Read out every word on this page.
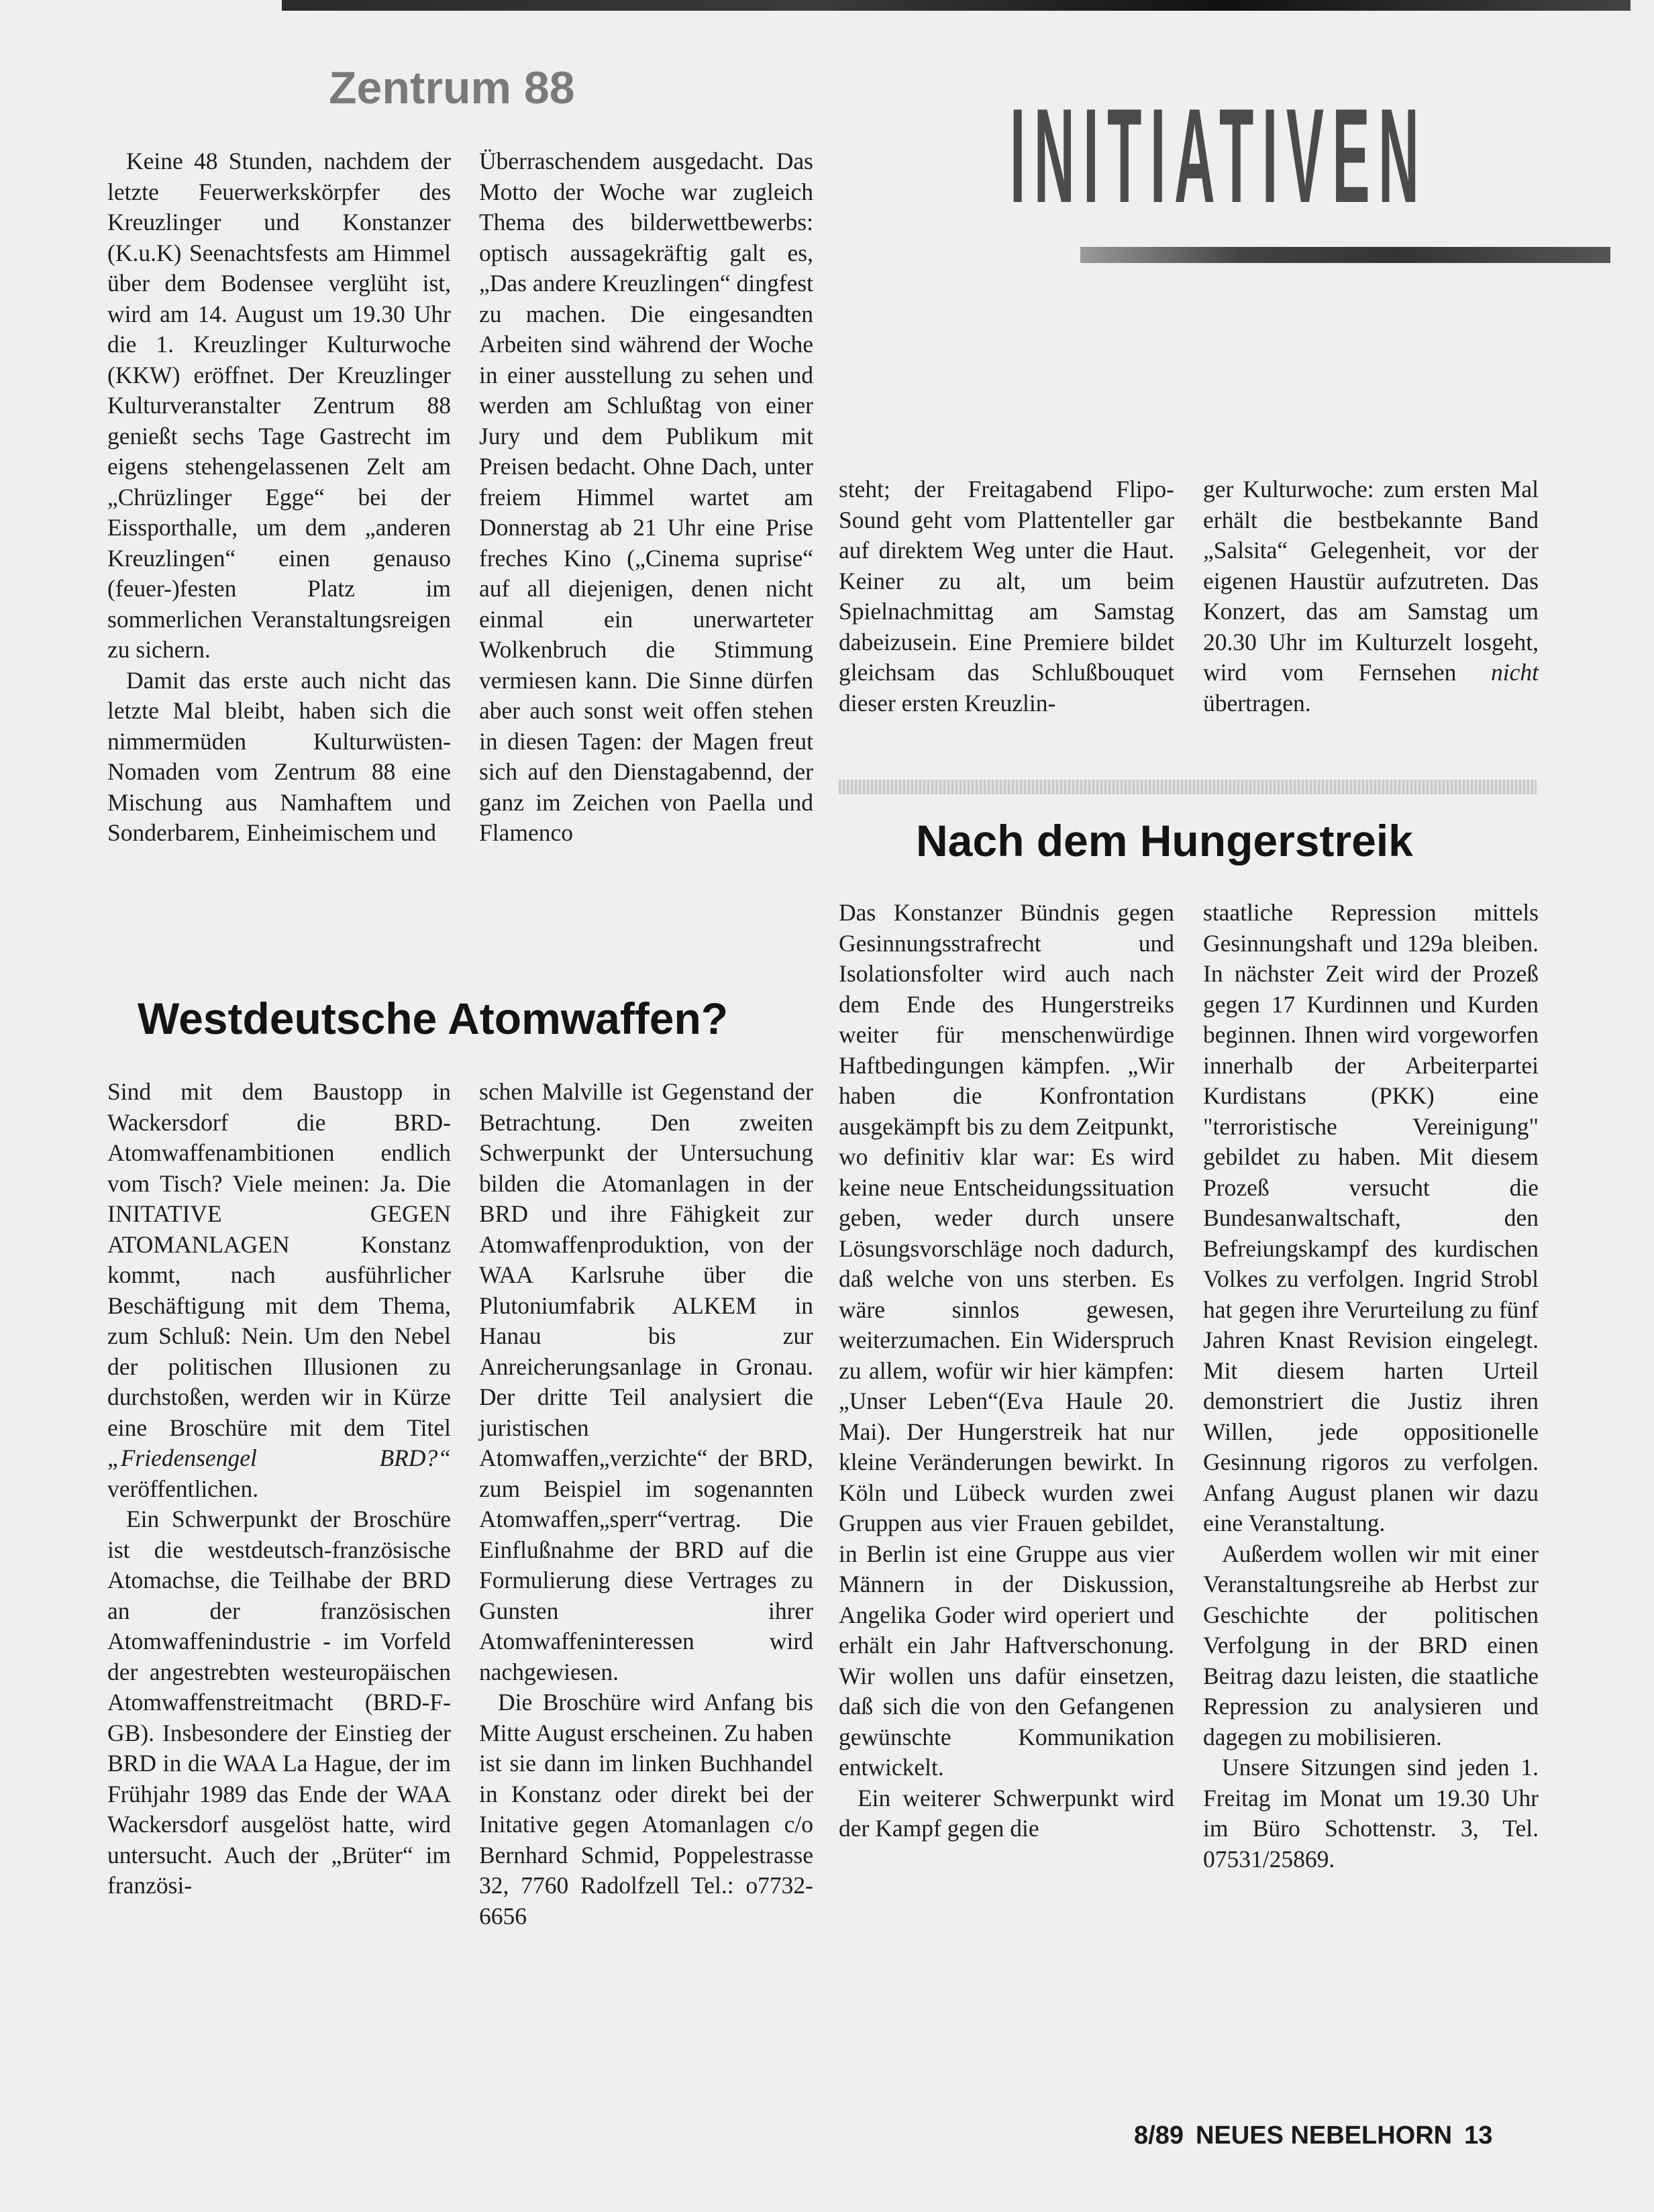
Zentrum 88	INITIATIVEN
Keine 48 Stunden, nachdem der letzte Feuerwerkskörpfer des Kreuzlinger und Konstanzer (K.u.K) Seenachtsfests am Himmel über dem Bodensee verglüht ist, wird am 14. August um 19.30 Uhr die 1. Kreuzlinger Kulturwoche (KKW) eröffnet. Der Kreuzlinger Kulturveranstalter Zentrum 88 genießt sechs Tage Gastrecht im eigens stehengelassenen Zelt am „Chrüzlinger Egge“ bei der Eissporthalle, um dem „anderen Kreuzlingen“ einen genauso (feuer-)festen Platz im sommerlichen Veranstaltungsreigen zu sichern.
Damit das erste auch nicht das letzte Mal bleibt, haben sich die nimmermüden Kulturwüsten-Nomaden vom Zentrum 88 eine Mischung aus Namhaftem und Sonderbarem, Einheimischem und
Überraschendem ausgedacht. Das Motto der Woche war zugleich Thema des bilderwettbewerbs: optisch aussagekräftig galt es, „Das andere Kreuzlingen“ dingfest zu machen. Die eingesandten Arbeiten sind während der Woche in einer ausstellung zu sehen und werden am Schlußtag von einer Jury und dem Publikum mit Preisen bedacht. Ohne Dach, unter freiem Himmel wartet am Donnerstag ab 21 Uhr eine Prise freches Kino („Cinema suprise“ auf all diejenigen, denen nicht einmal ein unerwarteter Wolkenbruch die Stimmung vermiesen kann. Die Sinne dürfen aber auch sonst weit offen stehen in diesen Tagen: der Magen freut sich auf den Dienstagabennd, der ganz im Zeichen von Paella und Flamenco
steht; der Freitagabend Flipo-Sound geht vom Plattenteller gar auf direktem Weg unter die Haut. Keiner zu alt, um beim Spielnachmittag am Samstag dabeizusein. Eine Premiere bildet gleichsam das Schlußbouquet dieser ersten Kreuzlin-
ger Kulturwoche: zum ersten Mal erhält die bestbekannte Band „Salsita“ Gelegenheit, vor der eigenen Haustür aufzutreten. Das Konzert, das am Samstag um 20.30 Uhr im Kulturzelt losgeht, wird vom Fernsehen nicht übertragen.
Nach dem Hungerstreik
Das Konstanzer Bündnis gegen Gesinnungsstrafrecht und Isolationsfolter wird auch nach dem Ende des Hungerstreiks weiter für menschenwürdige Haftbedingungen kämpfen. „Wir haben die Konfrontation ausgekämpft bis zu dem Zeitpunkt, wo definitiv klar war: Es wird keine neue Entscheidungssituation geben, weder durch unsere Lösungsvorschläge noch dadurch, daß welche von uns sterben. Es wäre sinnlos gewesen, weiterzumachen. Ein Widerspruch zu allem, wofür wir hier kämpfen: „Unser Leben“(Eva Haule 20. Mai). Der Hungerstreik hat nur kleine Veränderungen bewirkt. In Köln und Lübeck wurden zwei Gruppen aus vier Frauen gebildet, in Berlin ist eine Gruppe aus vier Männern in der Diskussion, Angelika Goder wird operiert und erhält ein Jahr Haftverschonung. Wir wollen uns dafür einsetzen, daß sich die von den Gefangenen gewünschte Kommunikation entwickelt.
Ein weiterer Schwerpunkt wird der Kampf gegen die
staatliche Repression mittels Gesinnungshaft und 129a bleiben. In nächster Zeit wird der Prozeß gegen 17 Kurdinnen und Kurden beginnen. Ihnen wird vorgeworfen innerhalb der Arbeiterpartei Kurdistans (PKK) eine "terroristische Vereinigung" gebildet zu haben. Mit diesem Prozeß versucht die Bundesanwaltschaft, den Befreiungskampf des kurdischen Volkes zu verfolgen. Ingrid Strobl hat gegen ihre Verurteilung zu fünf Jahren Knast Revision eingelegt. Mit diesem harten Urteil demonstriert die Justiz ihren Willen, jede oppositionelle Gesinnung rigoros zu verfolgen. Anfang August planen wir dazu eine Veranstaltung.
Außerdem wollen wir mit einer Veranstaltungsreihe ab Herbst zur Geschichte der politischen Verfolgung in der BRD einen Beitrag dazu leisten, die staatliche Repression zu analysieren und dagegen zu mobilisieren.
Unsere Sitzungen sind jeden 1. Freitag im Monat um 19.30 Uhr im Büro Schottenstr. 3, Tel. 07531/25869.
Westdeutsche Atomwaffen?
Sind mit dem Baustopp in Wackersdorf die BRD-Atomwaffenambitionen endlich vom Tisch? Viele meinen: Ja. Die INITATIVE GEGEN ATOMANLAGEN Konstanz kommt, nach ausführlicher Beschäftigung mit dem Thema, zum Schluß: Nein. Um den Nebel der politischen Illusionen zu durchstoßen, werden wir in Kürze eine Broschüre mit dem Titel „Friedensengel BRD?“ veröffentlichen.
Ein Schwerpunkt der Broschüre ist die westdeutsch-französische Atomachse, die Teilhabe der BRD an der französischen Atomwaffenindustrie - im Vorfeld der angestrebten westeuropäischen Atomwaffenstreitmacht (BRD-F-GB). Insbesondere der Einstieg der BRD in die WAA La Hague, der im Frühjahr 1989 das Ende der WAA Wackersdorf ausgelöst hatte, wird untersucht. Auch der „Brüter“ im französi-
schen Malville ist Gegenstand der Betrachtung. Den zweiten Schwerpunkt der Untersuchung bilden die Atomanlagen in der BRD und ihre Fähigkeit zur Atomwaffenproduktion, von der WAA Karlsruhe über die Plutoniumfabrik ALKEM in Hanau bis zur Anreicherungsanlage in Gronau. Der dritte Teil analysiert die juristischen Atomwaffen„verzichte“ der BRD, zum Beispiel im sogenannten Atomwaffen„sperr“vertrag. Die Einflußnahme der BRD auf die Formulierung diese Vertrages zu Gunsten ihrer Atomwaffeninteressen wird nachgewiesen.
Die Broschüre wird Anfang bis Mitte August erscheinen. Zu haben ist sie dann im linken Buchhandel in Konstanz oder direkt bei der Initative gegen Atomanlagen c/o Bernhard Schmid, Poppelestrasse 32, 7760 Radolfzell Tel.: o7732-6656
8/89 NEUES NEBELHORN 13
